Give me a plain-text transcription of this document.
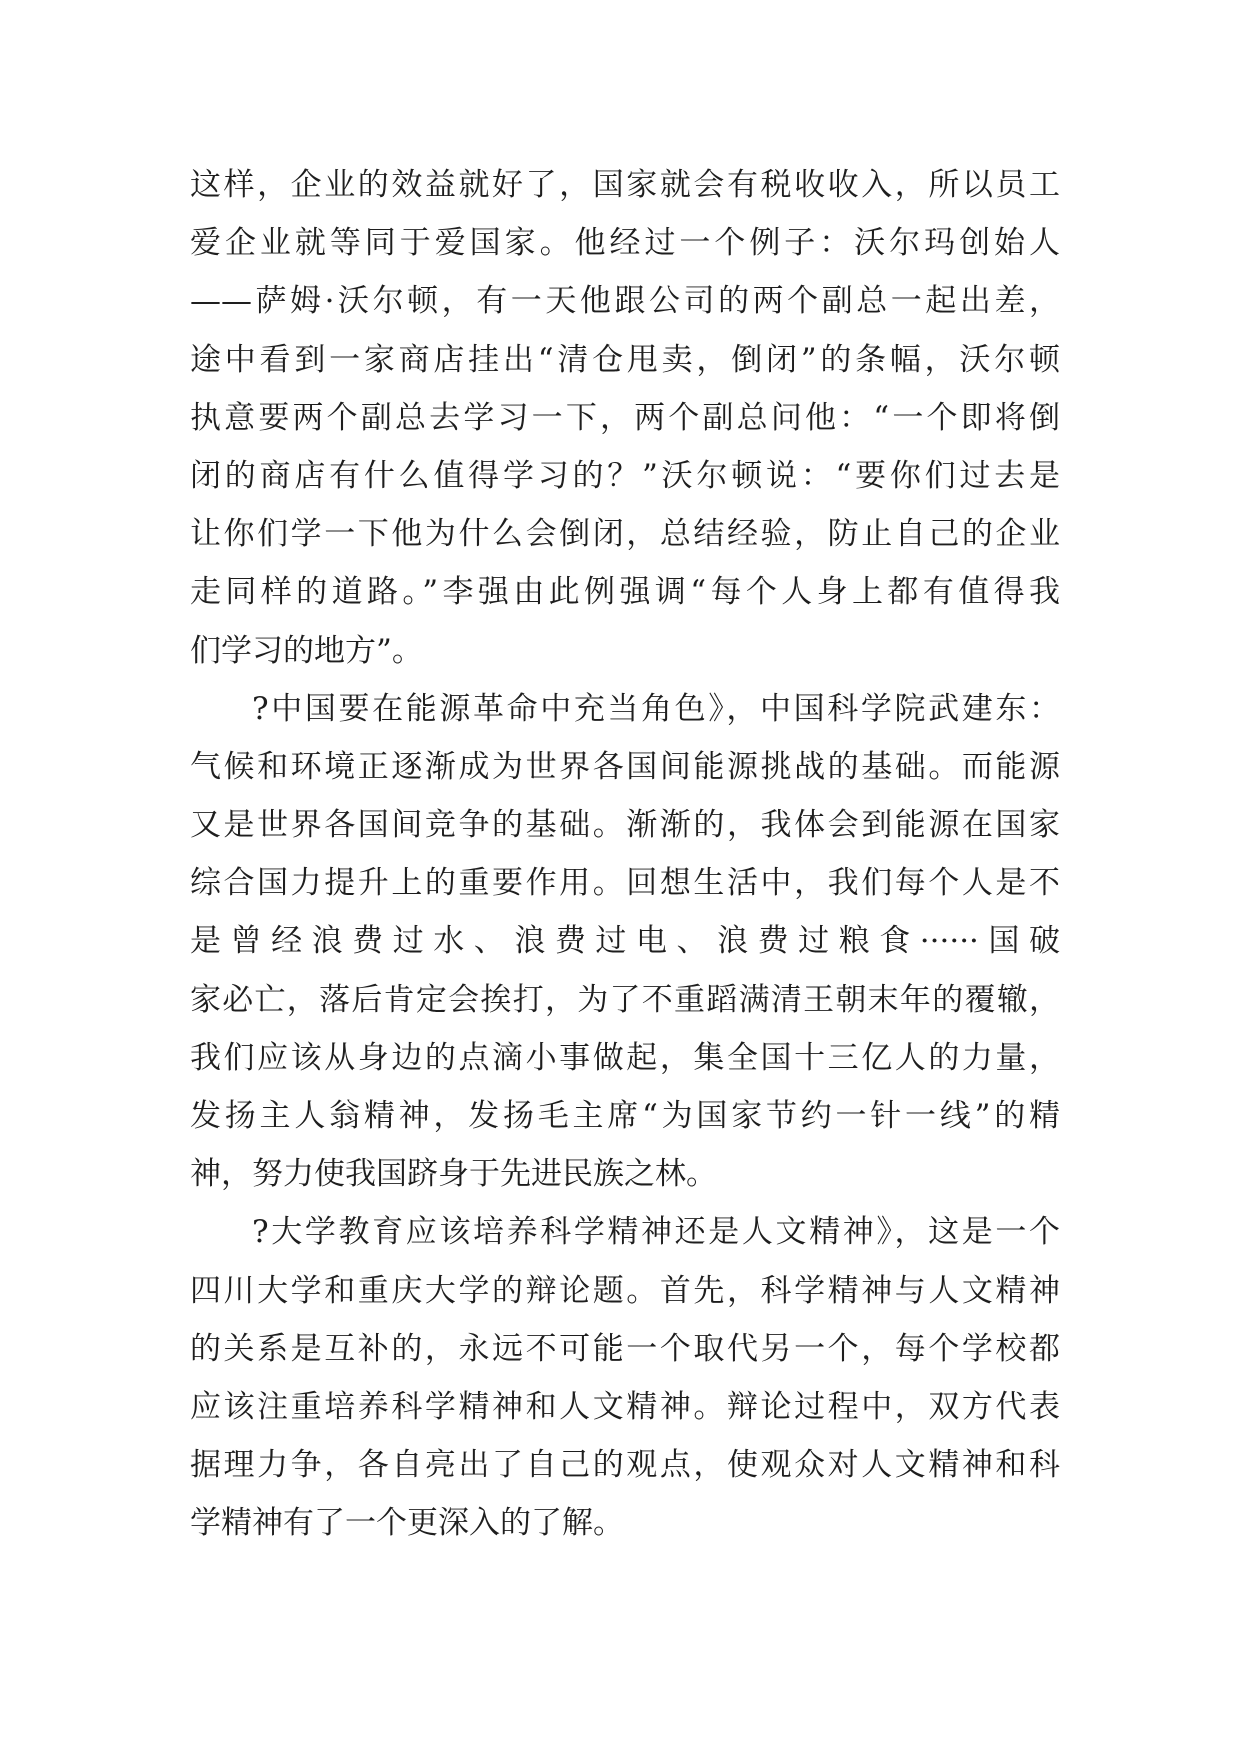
这样，企业的效益就好了，国家就会有税收收入，所以员工
爱企业就等同于爱国家。他经过一个例子：沃尔玛创始人
——萨姆·沃尔顿，有一天他跟公司的两个副总一起出差，
途中看到一家商店挂出“清仓甩卖，倒闭”的条幅，沃尔顿
执意要两个副总去学习一下，两个副总问他：“一个即将倒
闭的商店有什么值得学习的？”沃尔顿说：“要你们过去是
让你们学一下他为什么会倒闭，总结经验，防止自己的企业
走同样的道路。”李强由此例强调“每个人身上都有值得我
们学习的地方”。
?中国要在能源革命中充当角色》，中国科学院武建东：
气候和环境正逐渐成为世界各国间能源挑战的基础。而能源
又是世界各国间竞争的基础。渐渐的，我体会到能源在国家
综合国力提升上的重要作用。回想生活中，我们每个人是不
是曾经浪费过水、浪费过电、浪费过粮食······国破
家必亡，落后肯定会挨打，为了不重蹈满清王朝末年的覆辙，
我们应该从身边的点滴小事做起，集全国十三亿人的力量，
发扬主人翁精神，发扬毛主席“为国家节约一针一线”的精
神，努力使我国跻身于先进民族之林。
?大学教育应该培养科学精神还是人文精神》，这是一个
四川大学和重庆大学的辩论题。首先，科学精神与人文精神
的关系是互补的，永远不可能一个取代另一个，每个学校都
应该注重培养科学精神和人文精神。辩论过程中，双方代表
据理力争，各自亮出了自己的观点，使观众对人文精神和科
学精神有了一个更深入的了解。
